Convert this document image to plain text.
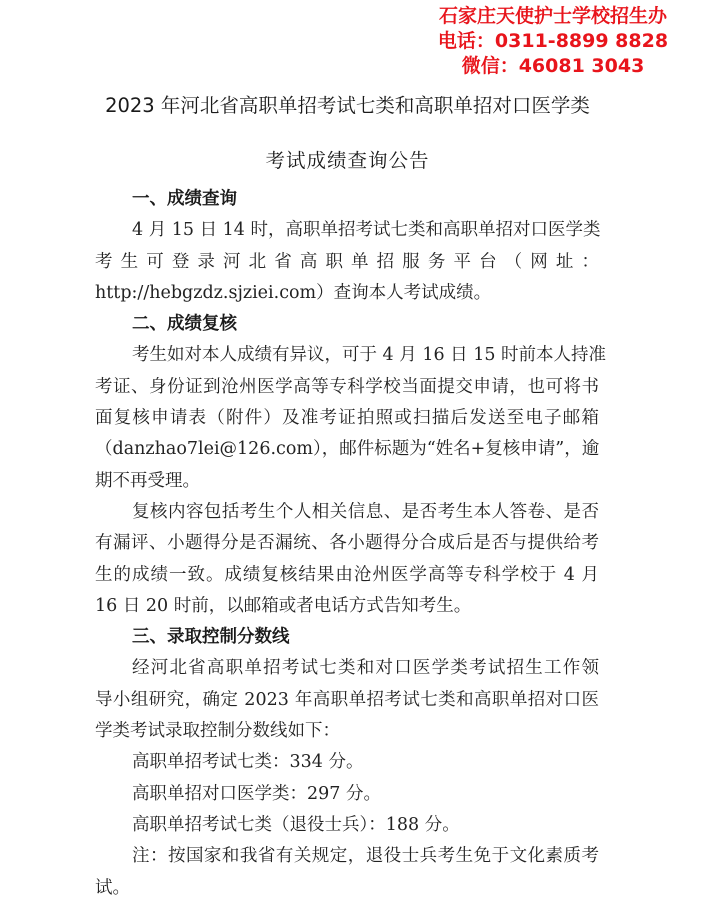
石家庄天使护士学校招生办
电话：0311-8899 8828
微信：46081 3043
2023 年河北省高职单招考试七类和高职单招对口医学类
考试成绩查询公告
一、成绩查询
4 月 15 日 14 时，高职单招考试七类和高职单招对口医学类
考生可登录河北省高职单招服务平台（网址：
http://hebgzdz.sjziei.com）查询本人考试成绩。
二、成绩复核
考生如对本人成绩有异议，可于 4 月 16 日 15 时前本人持准
考证、身份证到沧州医学高等专科学校当面提交申请，也可将书
面复核申请表（附件）及准考证拍照或扫描后发送至电子邮箱
（danzhao7lei@126.com），邮件标题为“姓名+复核申请”，逾
期不再受理。
复核内容包括考生个人相关信息、是否考生本人答卷、是否
有漏评、小题得分是否漏统、各小题得分合成后是否与提供给考
生的成绩一致。成绩复核结果由沧州医学高等专科学校于 4 月
16 日 20 时前，以邮箱或者电话方式告知考生。
三、录取控制分数线
经河北省高职单招考试七类和对口医学类考试招生工作领
导小组研究，确定 2023 年高职单招考试七类和高职单招对口医
学类考试录取控制分数线如下：
高职单招考试七类：334 分。
高职单招对口医学类：297 分。
高职单招考试七类（退役士兵）：188 分。
注：按国家和我省有关规定，退役士兵考生免于文化素质考
试。
